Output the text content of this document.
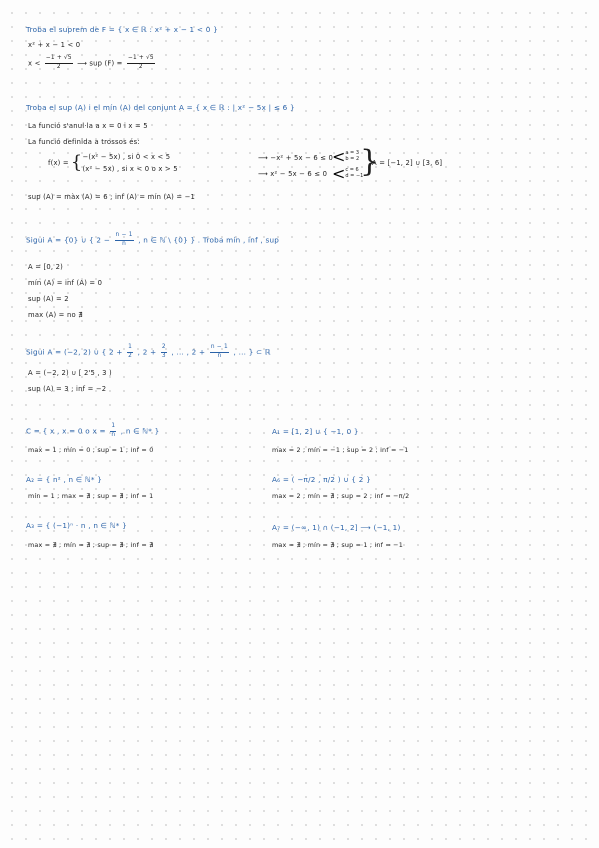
Troba el suprem de F = { x ∈ ℝ : x² + x − 1 < 0 }
x² + x − 1 < 0
$x < \frac{-1 + √5}{2}$ ⟶ sup $(F) = \frac{-1 + √5}{2}$
Troba el sup (A) i el mín (A) del conjunt A = { x ∈ ℝ : | x² − 5x | ≤ 6 }
La funció s'anul·la a x = 0 i x = 5
La funció definida a trossos és:
f(x) = { −(x² − 5x) , si 0 < x < 5
(x² − 5x) , si x < 0 o x > 5
⟶ −x² + 5x − 6 ≤ 0
⟶ x² − 5x − 6 ≤ 0
< a = 3
b = 2
< c = 6
d = −1
}
A = [−1, 2] ∪ [3, 6]
sup (A) = màx (A) = 6 ; inf (A) = mín (A) = −1
Sigui A = {0} ∪ { $2 - \frac{n - 1}{n}$ , n ∈ ℕ \ {0} } . Troba mín , inf , sup
A = [0, 2)
mín (A) = inf (A) = 0
sup (A) = 2
max (A) = no ∄
Sigui A = (−2, 2) ∪ { $2 + \frac{1}{2}$ , $2 + \frac{2}{3}$ , ... , $2 + \frac{n - 1}{n}$ , ... } ⊂ ℝ
A = (−2, 2) ∪ [ 2'5 , 3 )
sup (A) = 3 ; inf = −2
C = { x , x = 0 o $x = \frac{1}{n}$ , n ∈ ℕ* }
max = 1 ; mín = 0 ; sup = 1 ; inf = 0
A₁ = [1, 2] ∪ { −1, 0 }
max = 2 ; mín = −1 ; sup = 2 ; inf = −1
A₂ = { n² , n ∈ ℕ* }
mín = 1 ; max = ∄ ; sup = ∄ ; inf = 1
A₆ = ( −π/2 , π/2 ) ∪ { 2 }
max = 2 ; mín = ∄ ; sup = 2 ; inf = −π/2
A₃ = { (−1)ⁿ · n , n ∈ ℕ* }
max = ∄ ; mín = ∄ ; sup = ∄ ; inf = ∄
A₇ = (−∞, 1) ∩ (−1, 2] ⟶ (−1, 1)
max = ∄ ; mín = ∄ ; sup = 1 ; inf = −1
